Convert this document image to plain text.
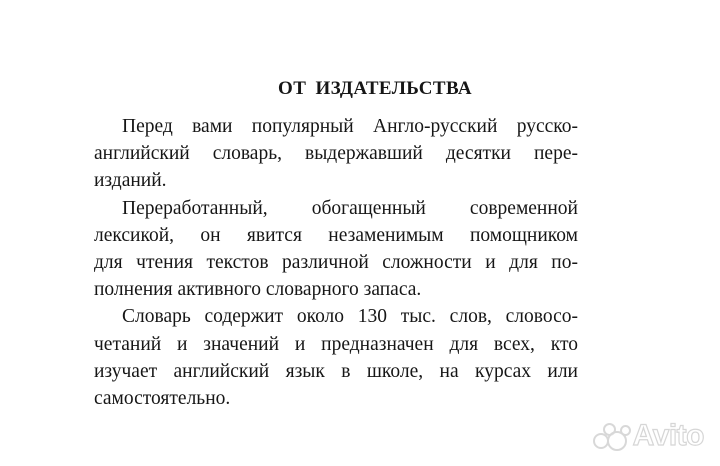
ОТ ИЗДАТЕЛЬСТВА
Перед вами популярный Англо-русский русско-
английский словарь, выдержавший десятки пере-
изданий.
Переработанный, обогащенный современной
лексикой, он явится незаменимым помощником
для чтения текстов различной сложности и для по-
полнения активного словарного запаса.
Словарь содержит около 130 тыс. слов, словосо-
четаний и значений и предназначен для всех, кто
изучает английский язык в школе, на курсах или
самостоятельно.
Avito
